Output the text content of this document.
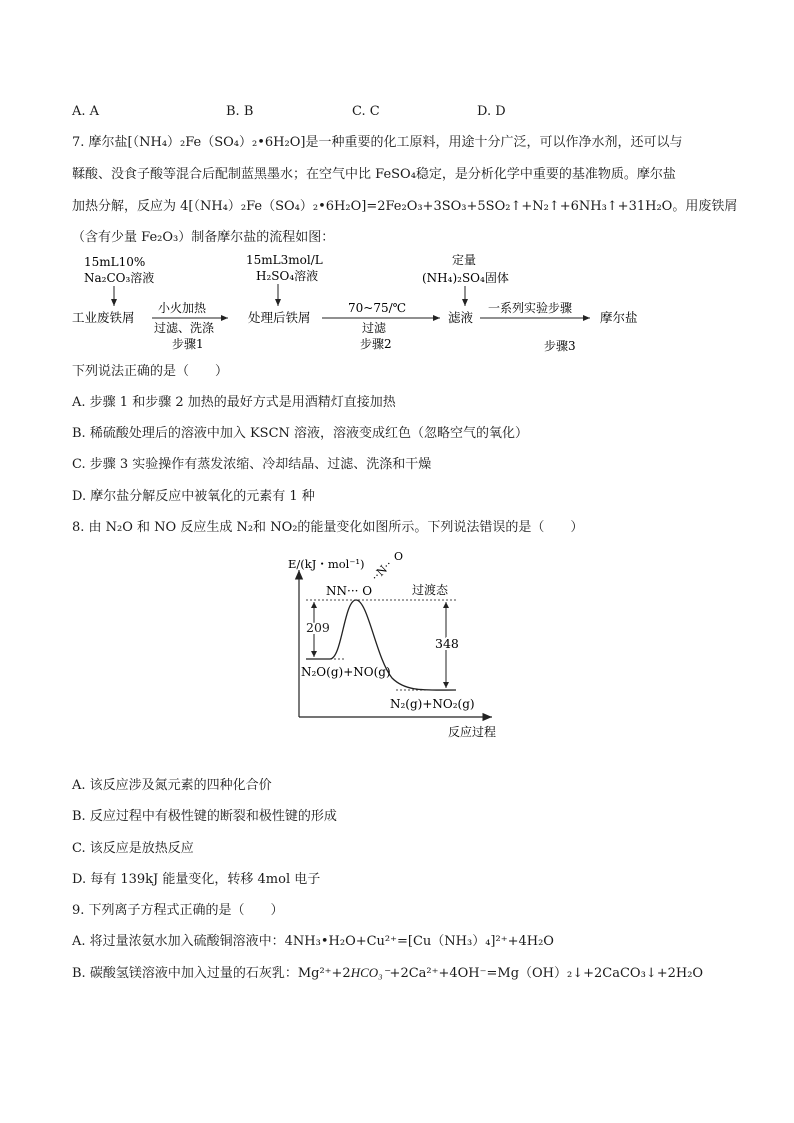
A. A	B. B	C. C	D. D
7. 摩尔盐[（NH₄）₂Fe（SO₄）₂•6H₂O]是一种重要的化工原料，用途十分广泛，可以作净水剂，还可以与
鞣酸、没食子酸等混合后配制蓝黑墨水；在空气中比 FeSO₄稳定，是分析化学中重要的基准物质。摩尔盐
加热分解，反应为 4[（NH₄）₂Fe（SO₄）₂•6H₂O]=2Fe₂O₃+3SO₃+5SO₂↑+N₂↑+6NH₃↑+31H₂O。用废铁屑
（含有少量 Fe₂O₃）制备摩尔盐的流程如图：
15mL10%
Na₂CO₃溶液
15mL3mol/L
H₂SO₄溶液
定量
(NH₄)₂SO₄固体
工业废铁屑
小火加热
过滤、洗涤
步骤1
处理后铁屑
70~75/℃
过滤
步骤2
滤液
一系列实验步骤
步骤3
摩尔盐
下列说法正确的是（　　）
A. 步骤 1 和步骤 2 加热的最好方式是用酒精灯直接加热
B. 稀硫酸处理后的溶液中加入 KSCN 溶液，溶液变成红色（忽略空气的氧化）
C. 步骤 3 实验操作有蒸发浓缩、冷却结晶、过滤、洗涤和干燥
D. 摩尔盐分解反应中被氧化的元素有 1 种
8. 由 N₂O 和 NO 反应生成 N₂和 NO₂的能量变化如图所示。下列说法错误的是（　　）
E/(kJ・mol⁻¹)
反应过程
209
348
NN··· O
··N··
O
过渡态
N₂O(g)+NO(g)
N₂(g)+NO₂(g)
A. 该反应涉及氮元素的四种化合价
B. 反应过程中有极性键的断裂和极性键的形成
C. 该反应是放热反应
D. 每有 139kJ 能量变化，转移 4mol 电子
9. 下列离子方程式正确的是（　　）
A. 将过量浓氨水加入硫酸铜溶液中：4NH₃•H₂O+Cu²⁺=[Cu（NH₃）₄]²⁺+4H₂O
B. 碳酸氢镁溶液中加入过量的石灰乳：Mg²⁺+2HCO₃⁻+2Ca²⁺+4OH⁻=Mg（OH）₂↓+2CaCO₃↓+2H₂O
